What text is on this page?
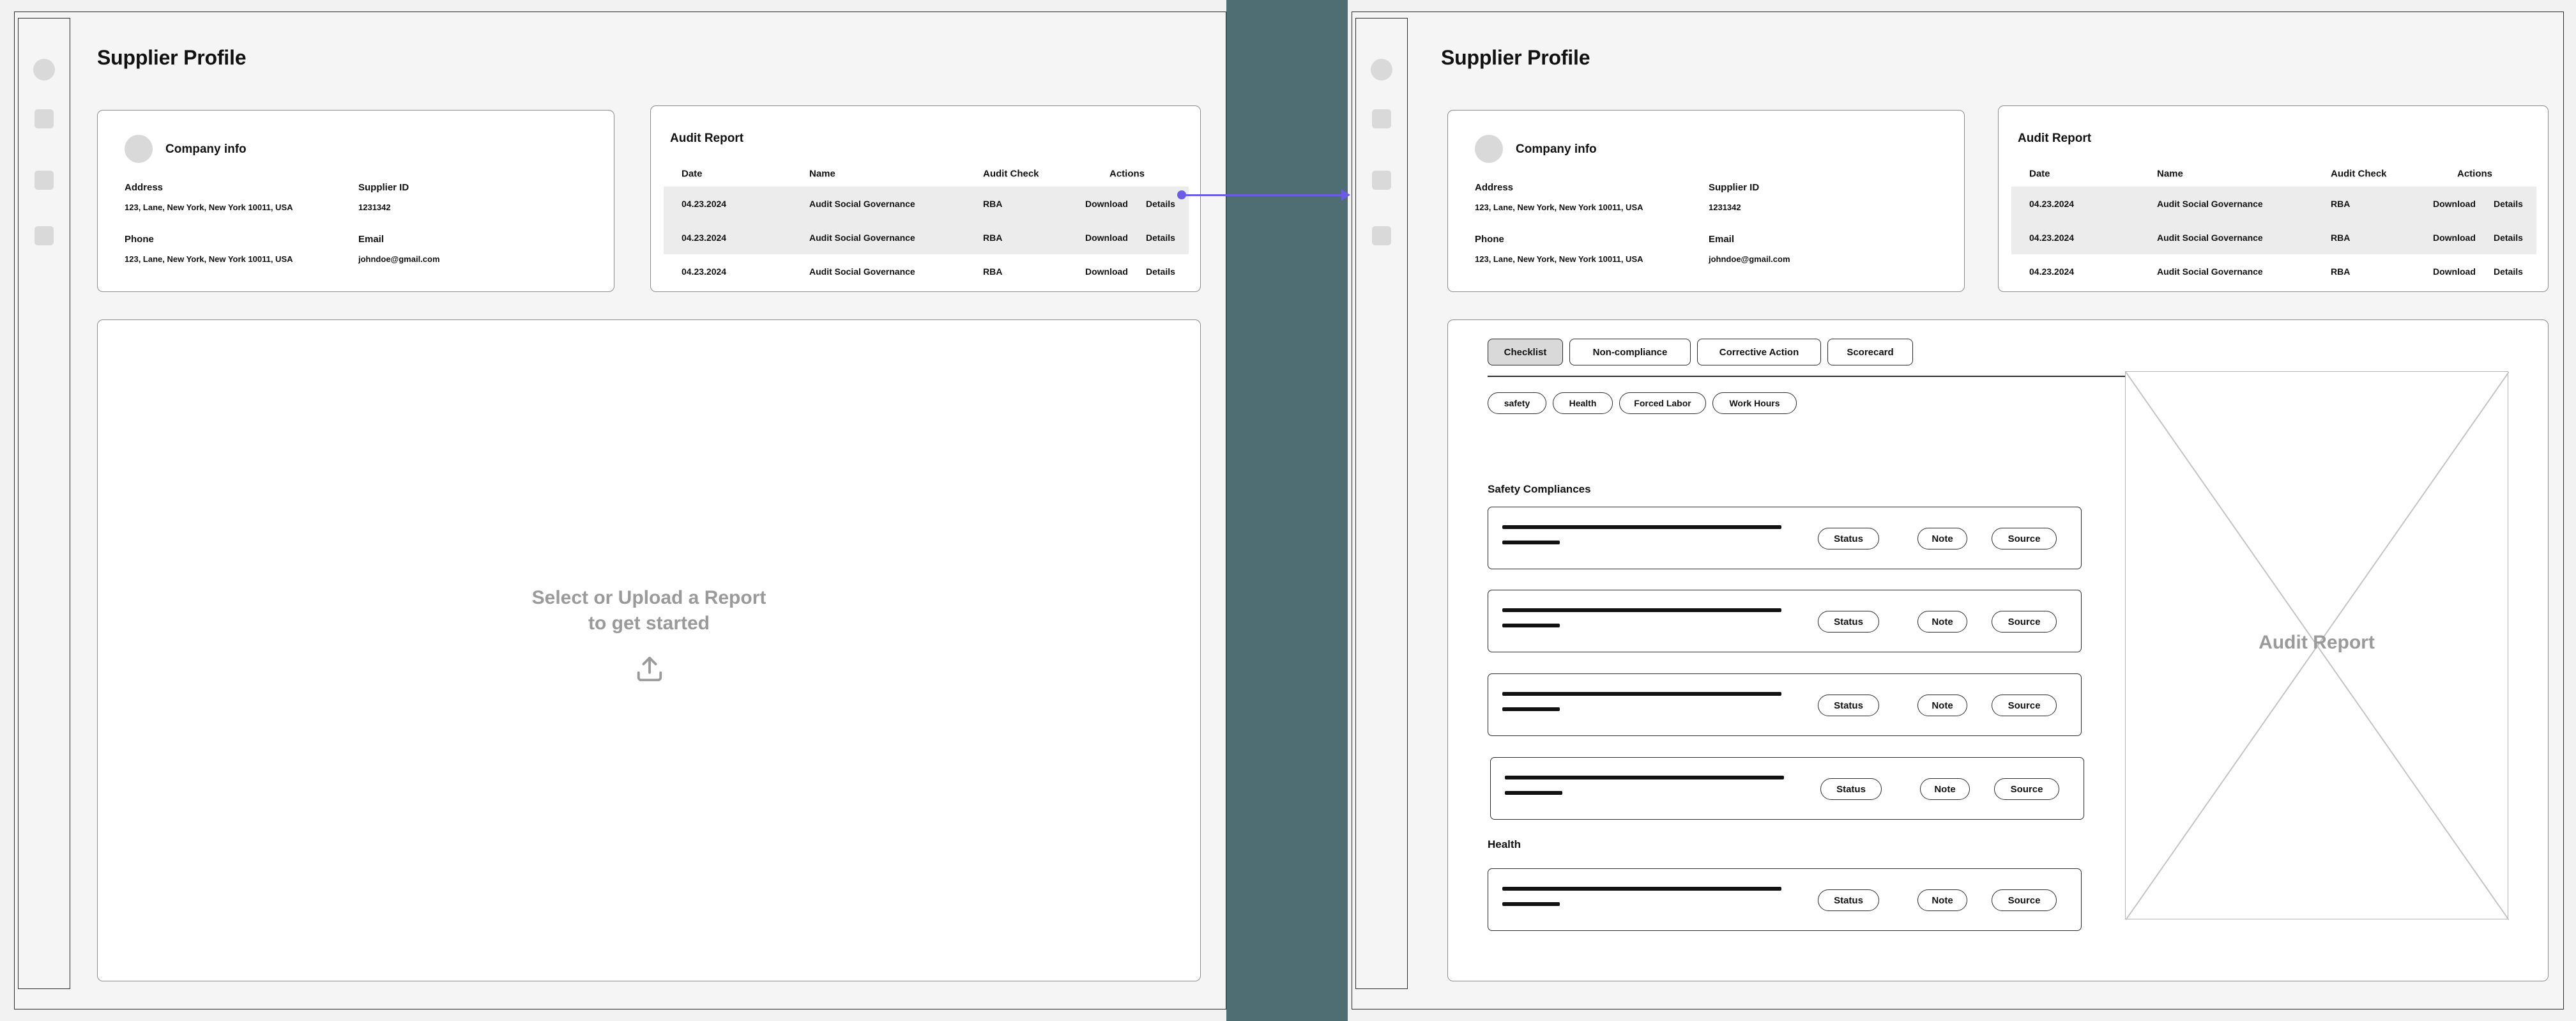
Supplier Profile
Company info
Address
123, Lane, New York, New York 10011, USA
Supplier ID
1231342
Phone
123, Lane, New York, New York 10011, USA
Email
johndoe@gmail.com
Audit Report
Date	Name	Audit Check	Actions
04.23.2024	Audit Social Governance	RBA	Download Details
04.23.2024	Audit Social Governance	RBA	Download Details
04.23.2024	Audit Social Governance	RBA	Download Details
Select or Upload a Report
to get started
Supplier Profile
Company info
Address
123, Lane, New York, New York 10011, USA
Supplier ID
1231342
Phone
123, Lane, New York, New York 10011, USA
Email
johndoe@gmail.com
Audit Report
Date	Name	Audit Check	Actions
04.23.2024	Audit Social Governance	RBA	Download Details
04.23.2024	Audit Social Governance	RBA	Download Details
04.23.2024	Audit Social Governance	RBA	Download Details
Checklist	Non-compliance	Corrective Action	Scorecard
safety	Health	Forced Labor	Work Hours
Safety Compliances
Status	Note	Source
Status	Note	Source
Status	Note	Source
Status	Note	Source
Health
Status	Note	Source
Audit Report
